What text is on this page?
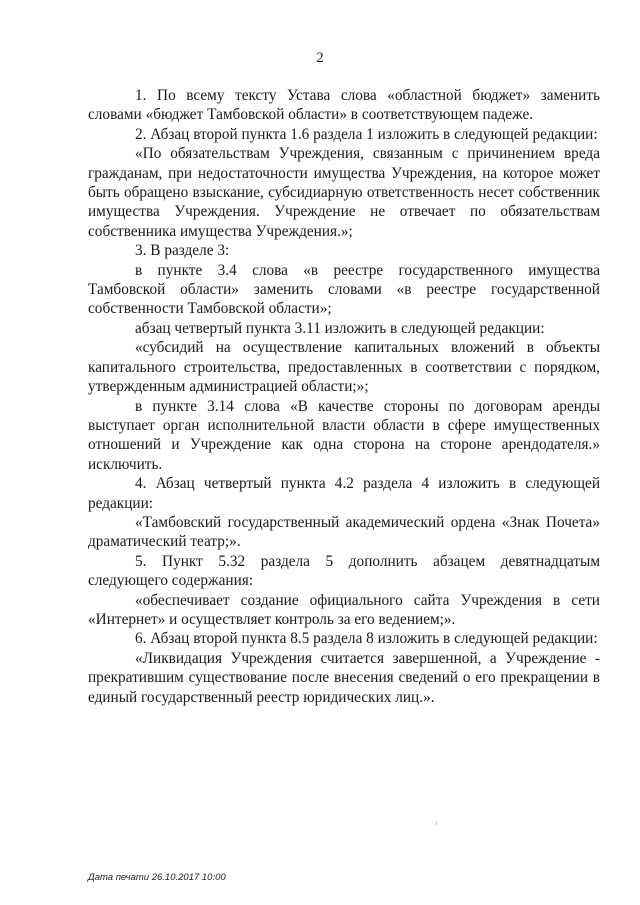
2

1. По всему тексту Устава слова «областной бюджет» заменить словами «бюджет Тамбовской области» в соответствующем падеже.

2. Абзац второй пункта 1.6 раздела 1 изложить в следующей редакции:

«По обязательствам Учреждения, связанным с причинением вреда гражданам, при недостаточности имущества Учреждения, на которое может быть обращено взыскание, субсидиарную ответственность несет собственник имущества Учреждения. Учреждение не отвечает по обязательствам собственника имущества Учреждения.»;

3. В разделе 3:

в пункте 3.4 слова «в реестре государственного имущества Тамбовской области» заменить словами «в реестре государственной собственности Тамбовской области»;

абзац четвертый пункта 3.11 изложить в следующей редакции:

«субсидий на осуществление капитальных вложений в объекты капитального строительства, предоставленных в соответствии с порядком, утвержденным администрацией области;»;

в пункте 3.14 слова «В качестве стороны по договорам аренды выступает орган исполнительной власти области в сфере имущественных отношений и Учреждение как одна сторона на стороне арендодателя.» исключить.

4. Абзац четвертый пункта 4.2 раздела 4 изложить в следующей редакции:

«Тамбовский государственный академический ордена «Знак Почета» драматический театр;».

5. Пункт 5.32 раздела 5 дополнить абзацем девятнадцатым следующего содержания:

«обеспечивает создание официального сайта Учреждения в сети «Интернет» и осуществляет контроль за его ведением;».

6. Абзац второй пункта 8.5 раздела 8 изложить в следующей редакции:

«Ликвидация Учреждения считается завершенной, а Учреждение - прекратившим существование после внесения сведений о его прекращении в единый государственный реестр юридических лиц.».

Дата печати 26.10.2017 10:00
